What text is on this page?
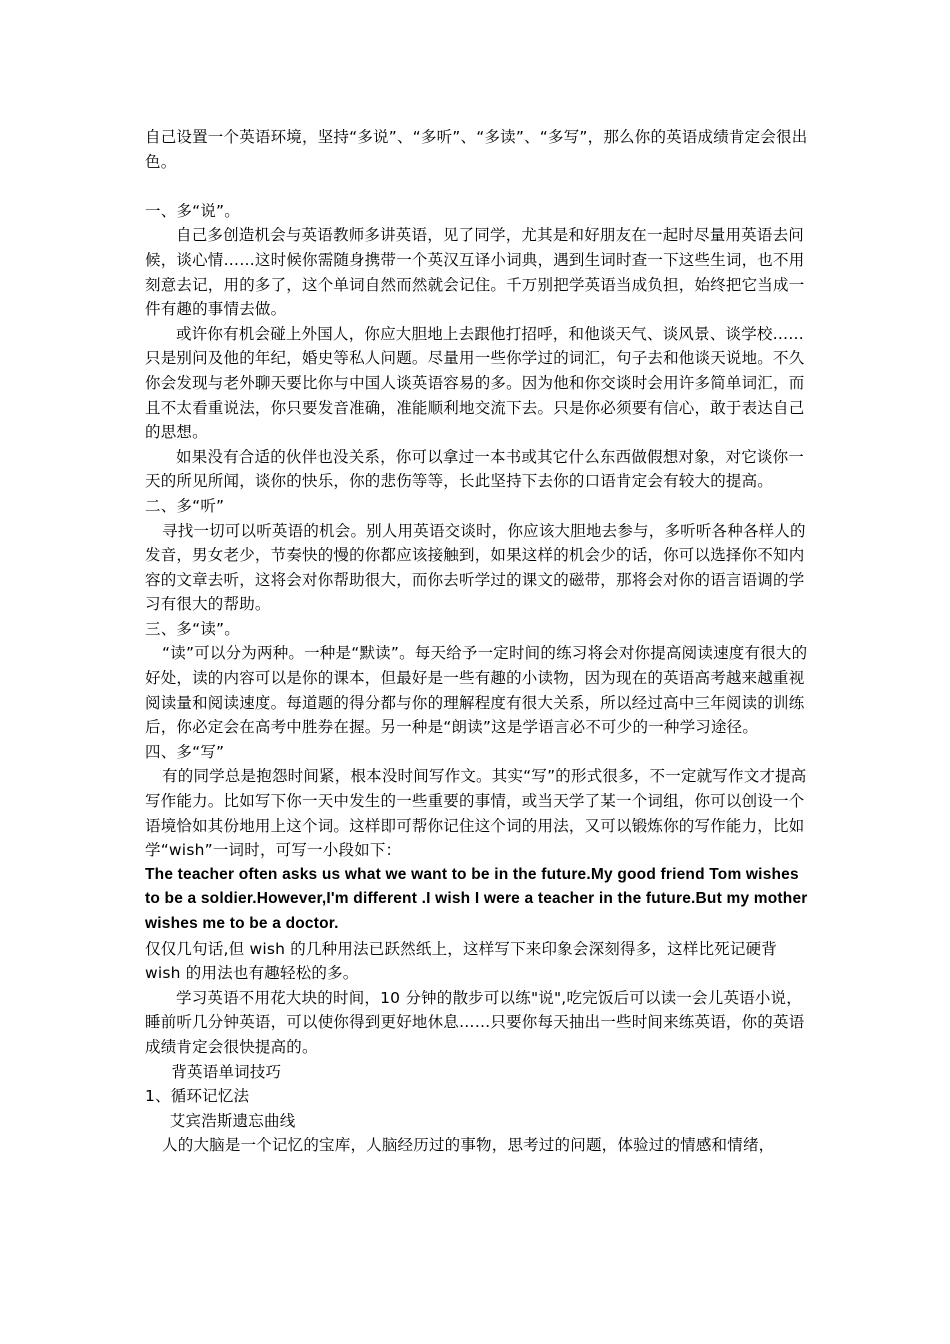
自己设置一个英语环境，坚持“多说”、“多听”、“多读”、“多写”，那么你的英语成绩肯定会很出色。

一、多“说”。

自己多创造机会与英语教师多讲英语，见了同学，尤其是和好朋友在一起时尽量用英语去问候，谈心情……这时候你需随身携带一个英汉互译小词典，遇到生词时查一下这些生词，也不用刻意去记，用的多了，这个单词自然而然就会记住。千万别把学英语当成负担，始终把它当成一件有趣的事情去做。

或许你有机会碰上外国人，你应大胆地上去跟他打招呼，和他谈天气、谈风景、谈学校……只是别问及他的年纪，婚史等私人问题。尽量用一些你学过的词汇，句子去和他谈天说地。不久你会发现与老外聊天要比你与中国人谈英语容易的多。因为他和你交谈时会用许多简单词汇，而且不太看重说法，你只要发音准确，准能顺利地交流下去。只是你必须要有信心，敢于表达自己的思想。

如果没有合适的伙伴也没关系，你可以拿过一本书或其它什么东西做假想对象，对它谈你一天的所见所闻，谈你的快乐，你的悲伤等等，长此坚持下去你的口语肯定会有较大的提高。

二、多“听”

寻找一切可以听英语的机会。别人用英语交谈时，你应该大胆地去参与，多听听各种各样人的发音，男女老少，节奏快的慢的你都应该接触到，如果这样的机会少的话，你可以选择你不知内容的文章去听，这将会对你帮助很大，而你去听学过的课文的磁带，那将会对你的语言语调的学习有很大的帮助。

三、多“读”。

“读”可以分为两种。一种是“默读”。每天给予一定时间的练习将会对你提高阅读速度有很大的好处，读的内容可以是你的课本，但最好是一些有趣的小读物，因为现在的英语高考越来越重视阅读量和阅读速度。每道题的得分都与你的理解程度有很大关系，所以经过高中三年阅读的训练后，你必定会在高考中胜券在握。另一种是“朗读”这是学语言必不可少的一种学习途径。

四、多“写”

有的同学总是抱怨时间紧，根本没时间写作文。其实“写”的形式很多，不一定就写作文才提高写作能力。比如写下你一天中发生的一些重要的事情，或当天学了某一个词组，你可以创设一个语境恰如其份地用上这个词。这样即可帮你记住这个词的用法，又可以锻炼你的写作能力，比如学“wish”一词时，可写一小段如下：

The teacher often asks us what we want to be in the future.My good friend Tom wishes to be a soldier.However,I'm different .I wish I were a teacher in the future.But my mother wishes me to be a doctor.

仅仅几句话,但 wish 的几种用法已跃然纸上，这样写下来印象会深刻得多，这样比死记硬背 wish 的用法也有趣轻松的多。

学习英语不用花大块的时间，10 分钟的散步可以练"说",吃完饭后可以读一会儿英语小说，睡前听几分钟英语，可以使你得到更好地休息……只要你每天抽出一些时间来练英语，你的英语成绩肯定会很快提高的。

背英语单词技巧

1、循环记忆法

艾宾浩斯遗忘曲线

人的大脑是一个记忆的宝库，人脑经历过的事物，思考过的问题，体验过的情感和情绪，
